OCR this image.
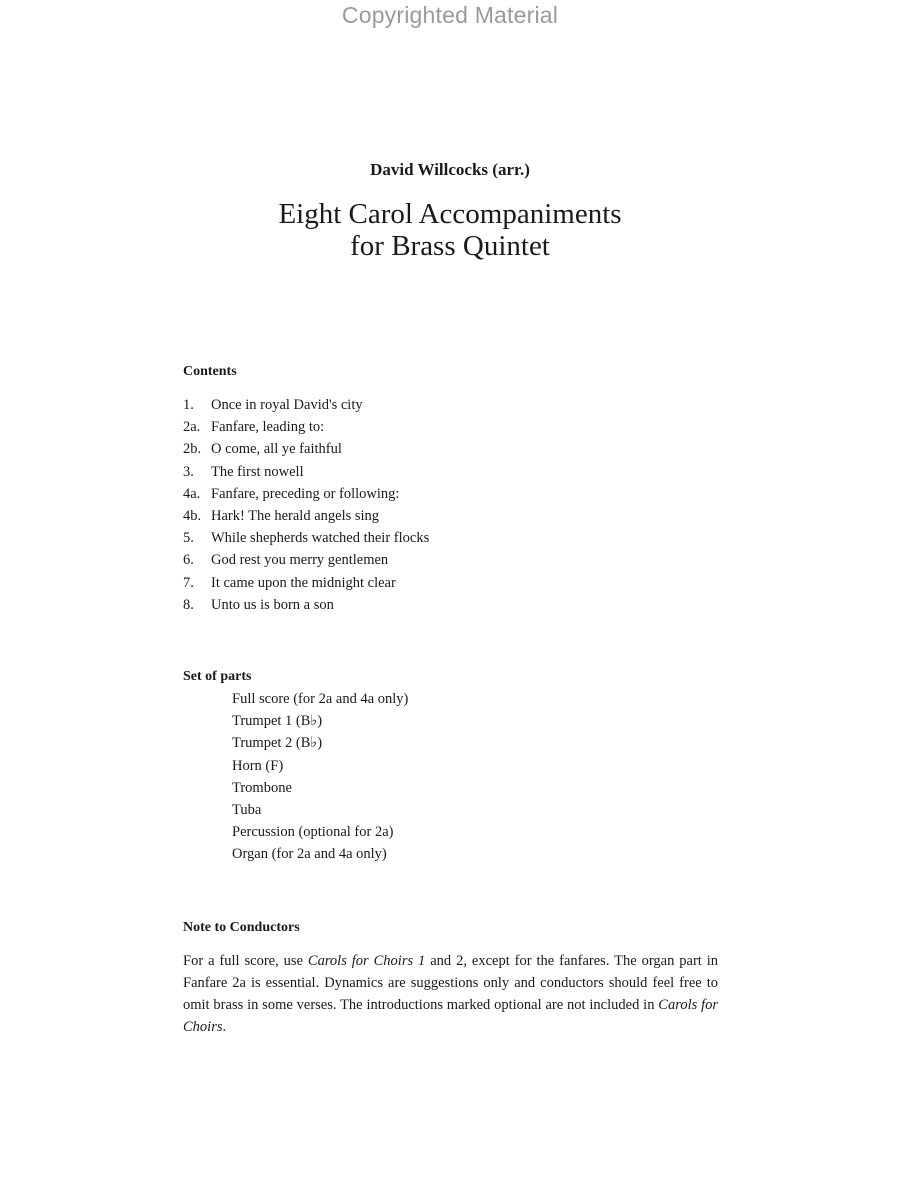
Copyrighted Material
David Willcocks (arr.)
Eight Carol Accompaniments
for Brass Quintet
Contents
1.	Once in royal David's city
2a. Fanfare, leading to:
2b. O come, all ye faithful
3.	The first nowell
4a. Fanfare, preceding or following:
4b. Hark! The herald angels sing
5.	While shepherds watched their flocks
6.	God rest you merry gentlemen
7.	It came upon the midnight clear
8.	Unto us is born a son
Set of parts
Full score (for 2a and 4a only)
Trumpet 1 (B♭)
Trumpet 2 (B♭)
Horn (F)
Trombone
Tuba
Percussion (optional for 2a)
Organ (for 2a and 4a only)
Note to Conductors

For a full score, use Carols for Choirs 1 and 2, except for the fanfares. The organ part in Fanfare 2a is essential. Dynamics are suggestions only and conductors should feel free to omit brass in some verses. The introductions marked optional are not included in Carols for Choirs.
